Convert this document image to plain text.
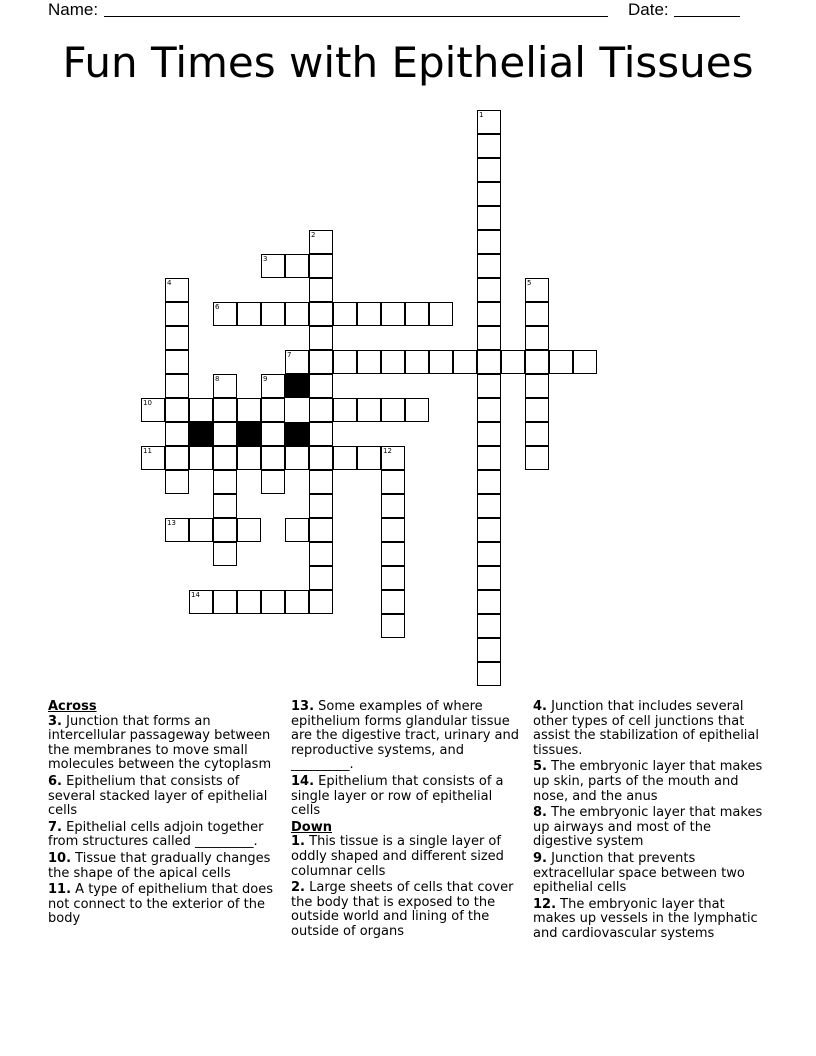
Name:	Date:
Fun Times with Epithelial Tissues
1
2
3
4	5
6
7
8	9
10
11	12
13
14
Across
3. Junction that forms an intercellular passageway between the membranes to move small molecules between the cytoplasm
6. Epithelium that consists of several stacked layer of epithelial cells
7. Epithelial cells adjoin together from structures called _________.
10. Tissue that gradually changes the shape of the apical cells
11. A type of epithelium that does not connect to the exterior of the body
13. Some examples of where epithelium forms glandular tissue are the digestive tract, urinary and reproductive systems, and _________.
14. Epithelium that consists of a single layer or row of epithelial cells
Down
1. This tissue is a single layer of oddly shaped and different sized columnar cells
2. Large sheets of cells that cover the body that is exposed to the outside world and lining of the outside of organs
4. Junction that includes several other types of cell junctions that assist the stabilization of epithelial tissues.
5. The embryonic layer that makes up skin, parts of the mouth and nose, and the anus
8. The embryonic layer that makes up airways and most of the digestive system
9. Junction that prevents extracellular space between two epithelial cells
12. The embryonic layer that makes up vessels in the lymphatic and cardiovascular systems
